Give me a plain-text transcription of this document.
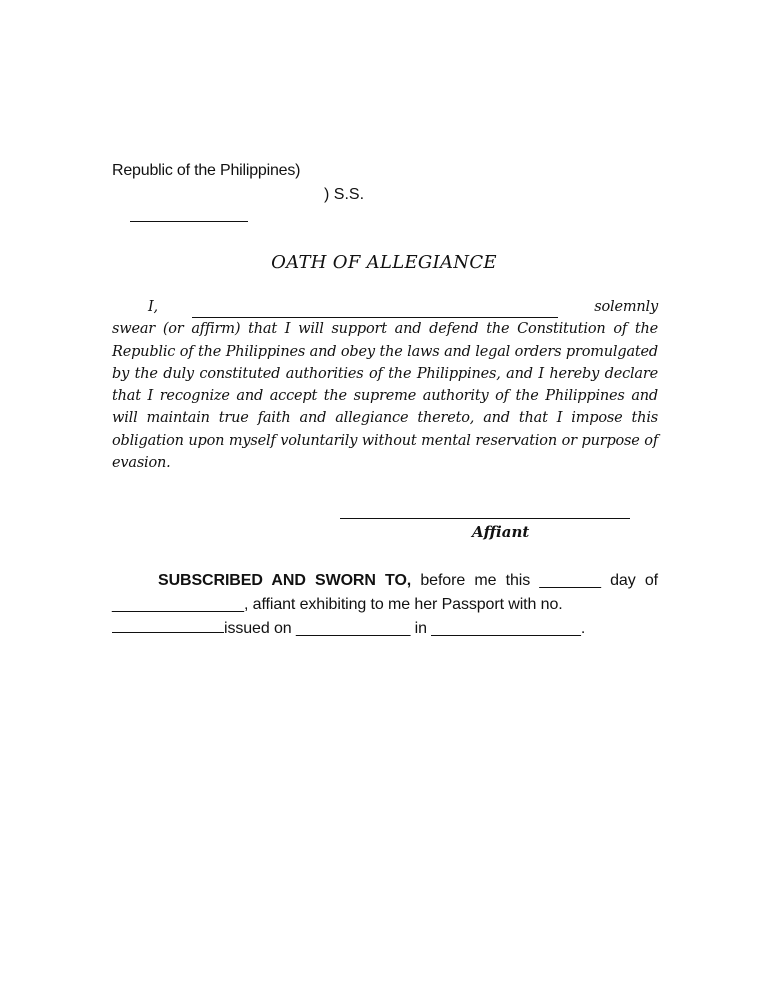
Republic of the Philippines)

) S.S.

OATH OF ALLEGIANCE
I,	solemnly
swear (or affirm) that I will support and defend the Constitution of the Republic of the Philippines and obey the laws and legal orders promulgated by the duly constituted authorities of the Philippines, and I hereby declare that I recognize and accept the supreme authority of the Philippines and will maintain true faith and allegiance thereto, and that I impose this obligation upon myself voluntarily without mental reservation or purpose of evasion.
Affiant
SUBSCRIBED AND SWORN TO, before me this _______ day of _______________, affiant exhibiting to me her Passport with no.
issued on _____________ in _________________.
